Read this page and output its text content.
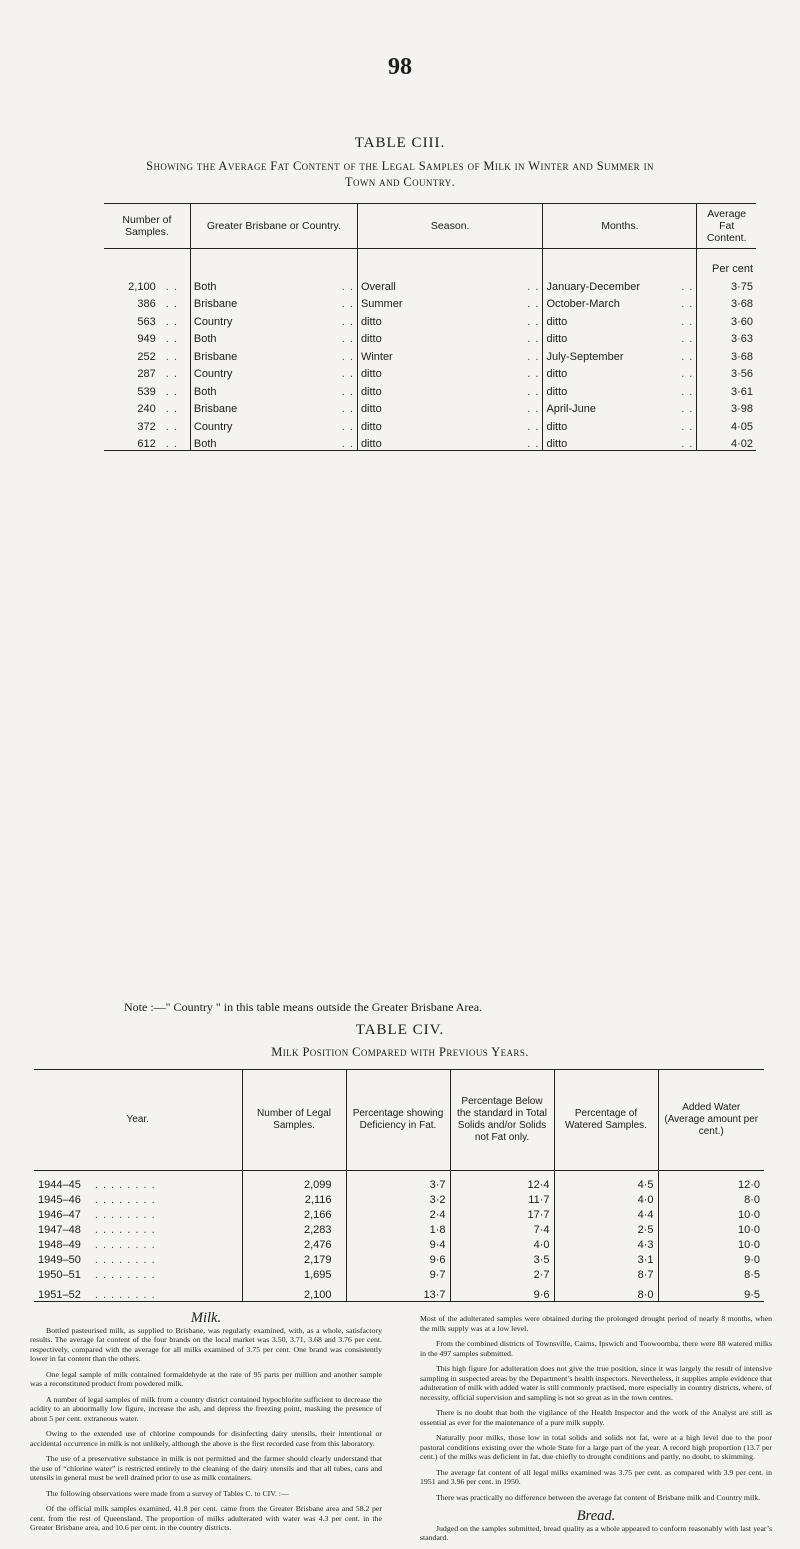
98
TABLE CIII.
Showing the Average Fat Content of the Legal Samples of Milk in Winter and Summer in
Town and Country.
Number of Samples.	Greater Brisbane or Country.	Season.	Months.	Average Fat Content.
				Per cent
2,100 . .	Both . .	Overall . .	January-December . .	3·75
386 . .	Brisbane . .	Summer . .	October-March . .	3·68
563 . .	Country . .	ditto . .	ditto . .	3·60
949 . .	Both . .	ditto . .	ditto . .	3·63
252 . .	Brisbane . .	Winter . .	July-September . .	3·68
287 . .	Country . .	ditto . .	ditto . .	3·56
539 . .	Both . .	ditto . .	ditto . .	3·61
240 . .	Brisbane . .	ditto . .	April-June . .	3·98
372 . .	Country . .	ditto . .	ditto . .	4·05
612 . .	Both . .	ditto . .	ditto . .	4·02
Note :—" Country " in this table means outside the Greater Brisbane Area.
TABLE CIV.
Milk Position Compared with Previous Years.
Year.	Number of Legal Samples.	Percentage showing Deficiency in Fat.	Percentage Below the standard in Total Solids and/or Solids not Fat only.	Percentage of Watered Samples.	Added Water (Average amount per cent.)
1944–45 . . . . . . . .	2,099	3·7	12·4	4·5	12·0
1945–46 . . . . . . . .	2,116	3·2	11·7	4·0	8·0
1946–47 . . . . . . . .	2,166	2·4	17·7	4·4	10·0
1947–48 . . . . . . . .	2,283	1·8	7·4	2·5	10·0
1948–49 . . . . . . . .	2,476	9·4	4·0	4·3	10·0
1949–50 . . . . . . . .	2,179	9·6	3·5	3·1	9·0
1950–51 . . . . . . . .	1,695	9·7	2·7	8·7	8·5
1951–52 . . . . . . . .	2,100	13·7	9·6	8·0	9·5
Milk.

Bottled pasteurised milk, as supplied to Brisbane, was regularly examined, with, as a whole, satisfactory results. The average fat content of the four brands on the local market was 3.50, 3.71, 3.68 and 3.76 per cent. respectively, compared with the average for all milks examined of 3.75 per cent. One brand was consistently lower in fat content than the others.

One legal sample of milk contained formaldehyde at the rate of 95 parts per million and another sample was a reconstituted product from powdered milk.

A number of legal samples of milk from a country district contained hypochlorite sufficient to decrease the acidity to an abnormally low figure, increase the ash, and depress the freezing point, masking the presence of about 5 per cent. extraneous water.

Owing to the extended use of chlorine compounds for disinfecting dairy utensils, their intentional or accidental occurrence in milk is not unlikely, although the above is the first recorded case from this laboratory.

The use of a preservative substance in milk is not permitted and the farmer should clearly understand that the use of “chlorine water” is restricted entirely to the cleaning of the dairy utensils and that all tubes, cans and utensils in general must be well drained prior to use as milk containers.

The following observations were made from a survey of Tables C. to CIV. :—

Of the official milk samples examined, 41.8 per cent. came from the Greater Brisbane area and 58.2 per cent. from the rest of Queensland. The proportion of milks adulterated with water was 4.3 per cent. in the Greater Brisbane area, and 10.6 per cent. in the country districts.

Most of the adulterated samples were obtained during the prolonged drought period of nearly 8 months, when the milk supply was at a low level.

From the combined districts of Townsville, Cairns, Ipswich and Toowoomba, there were 88 watered milks in the 497 samples submitted.

This high figure for adulteration does not give the true position, since it was largely the result of intensive sampling in suspected areas by the Department’s health inspectors. Nevertheless, it supplies ample evidence that adulteration of milk with added water is still commonly practised, more especially in country districts, where, of necessity, official supervision and sampling is not so great as in the town centres.

There is no doubt that both the vigilance of the Health Inspector and the work of the Analyst are still as essential as ever for the maintenance of a pure milk supply.

Naturally poor milks, those low in total solids and solids not fat, were at a high level due to the poor pastoral conditions existing over the whole State for a large part of the year. A record high proportion (13.7 per cent.) of the milks was deficient in fat, due chiefly to drought conditions and partly, no doubt, to skimming.

The average fat content of all legal milks examined was 3.75 per cent. as compared with 3.9 per cent. in 1951 and 3.96 per cent. in 1950.

There was practically no difference between the average fat content of Brisbane milk and Country milk.

Bread.

Judged on the samples submitted, bread quality as a whole appeared to conform reasonably with last year’s standard.
